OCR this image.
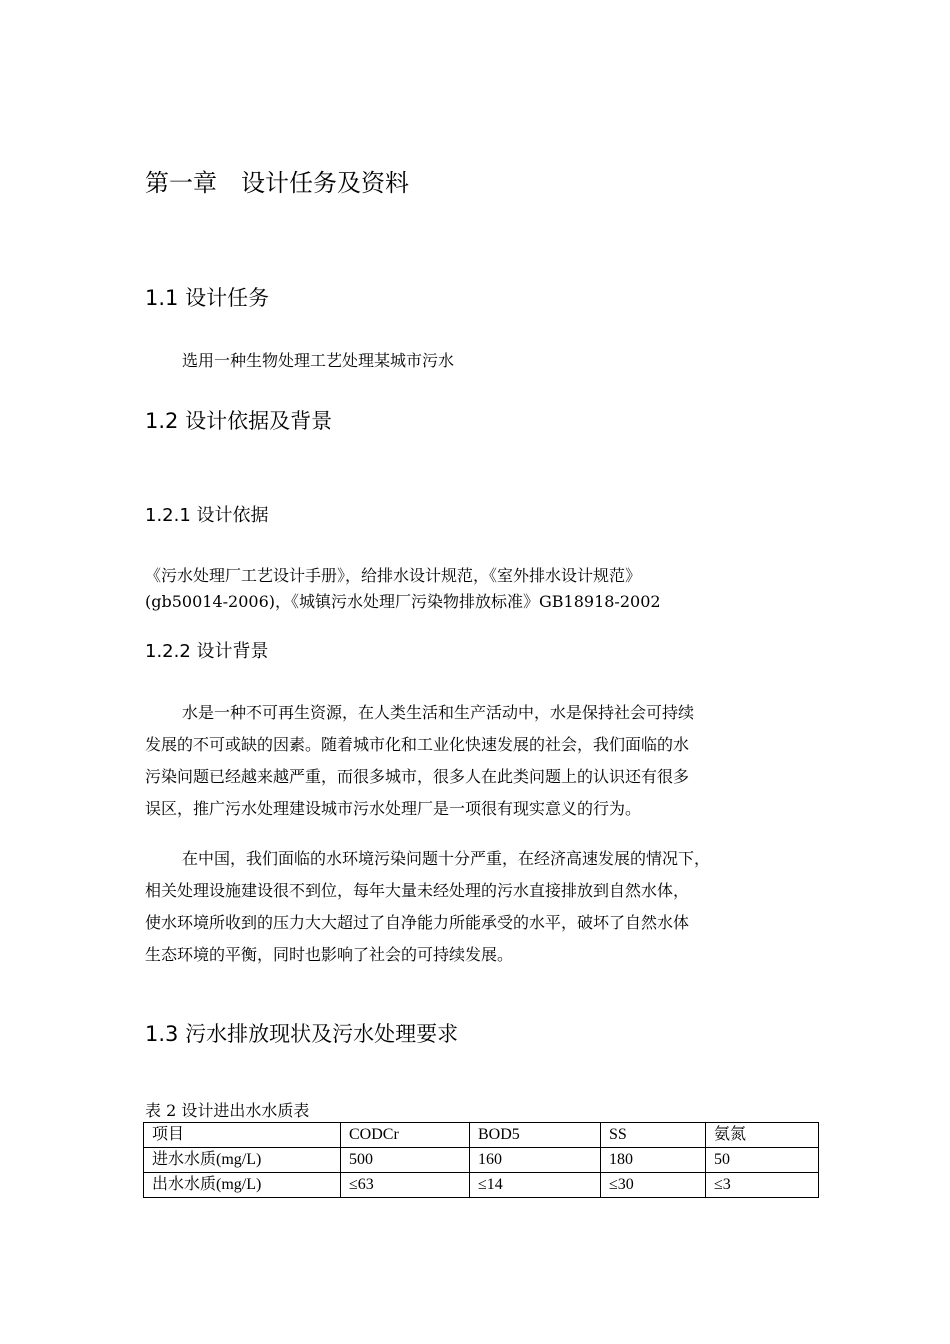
第一章　设计任务及资料
1.1 设计任务
选用一种生物处理工艺处理某城市污水
1.2 设计依据及背景
1.2.1 设计依据
《污水处理厂工艺设计手册》，给排水设计规范，《室外排水设计规范》
(gb50014-2006)，《城镇污水处理厂污染物排放标准》GB18918-2002
1.2.2 设计背景
水是一种不可再生资源，在人类生活和生产活动中，水是保持社会可持续
发展的不可或缺的因素。随着城市化和工业化快速发展的社会，我们面临的水
污染问题已经越来越严重，而很多城市，很多人在此类问题上的认识还有很多
误区，推广污水处理建设城市污水处理厂是一项很有现实意义的行为。
在中国，我们面临的水环境污染问题十分严重，在经济高速发展的情况下，
相关处理设施建设很不到位，每年大量未经处理的污水直接排放到自然水体，
使水环境所收到的压力大大超过了自净能力所能承受的水平，破坏了自然水体
生态环境的平衡，同时也影响了社会的可持续发展。
1.3 污水排放现状及污水处理要求
表 2 设计进出水水质表
项目	CODCr	BOD5	SS	氨氮
进水水质(mg/L)	500	160	180	50
出水水质(mg/L)	≤63	≤14	≤30	≤3
